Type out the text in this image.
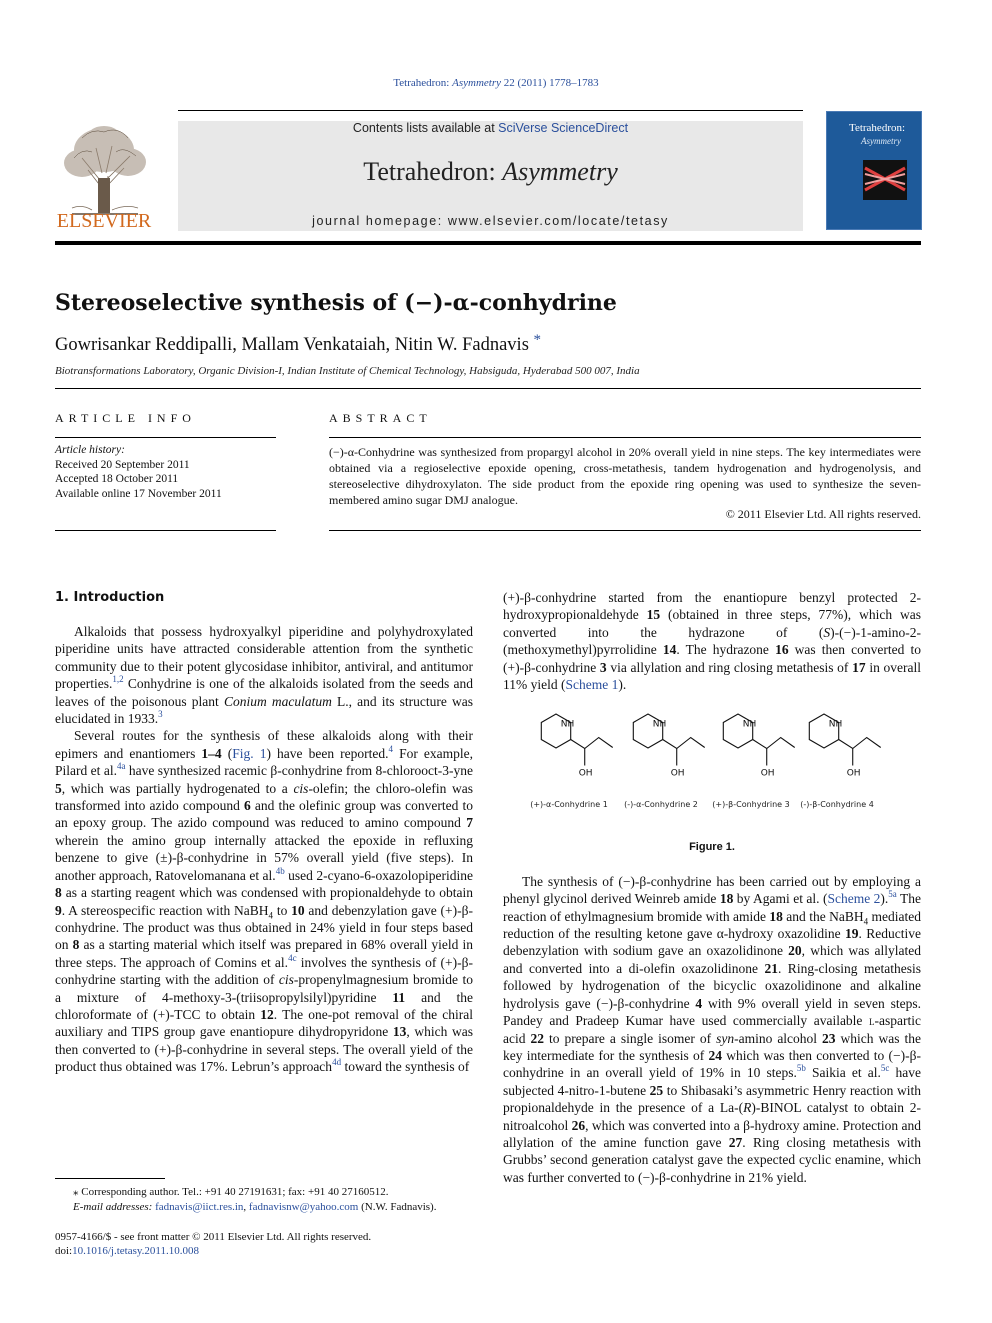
Tetrahedron: Asymmetry 22 (2011) 1778–1783
ELSEVIER
Contents lists available at SciVerse ScienceDirect
Tetrahedron: Asymmetry
journal homepage: www.elsevier.com/locate/tetasy
Tetrahedron:
Asymmetry
Stereoselective synthesis of (−)-α-conhydrine
Gowrisankar Reddipalli, Mallam Venkataiah, Nitin W. Fadnavis *
Biotransformations Laboratory, Organic Division-I, Indian Institute of Chemical Technology, Habsiguda, Hyderabad 500 007, India
ARTICLE INFO	ABSTRACT
Article history:
Received 20 September 2011
Accepted 18 October 2011
Available online 17 November 2011
(−)-α-Conhydrine was synthesized from propargyl alcohol in 20% overall yield in nine steps. The key intermediates were obtained via a regioselective epoxide opening, cross-metathesis, tandem hydrogenation and hydrogenolysis, and stereoselective dihydroxylaton. The side product from the epoxide ring opening was used to synthesize the seven-membered amino sugar DMJ analogue.
© 2011 Elsevier Ltd. All rights reserved.
1. Introduction

Alkaloids that possess hydroxyalkyl piperidine and polyhydroxylated piperidine units have attracted considerable attention from the synthetic community due to their potent glycosidase inhibitor, antiviral, and antitumor properties.$^{1,2}$ Conhydrine is one of the alkaloids isolated from the seeds and leaves of the poisonous plant Conium maculatum L., and its structure was elucidated in 1933.$^3$

Several routes for the synthesis of these alkaloids along with their epimers and enantiomers 1–4 (Fig. 1) have been reported.$^4$ For example, Pilard et al.$^{4a}$ have synthesized racemic β-conhydrine from 8-chlorooct-3-yne 5, which was partially hydrogenated to a cis-olefin; the chloro-olefin was transformed into azido compound 6 and the olefinic group was converted to an epoxy group. The azido compound was reduced to amino compound 7 wherein the amino group internally attacked the epoxide in refluxing benzene to give (±)-β-conhydrine in 57% overall yield (five steps). In another approach, Ratovelomanana et al.$^{4b}$ used 2-cyano-6-oxazolopiperidine 8 as a starting reagent which was condensed with propionaldehyde to obtain 9. A stereospecific reaction with NaBH$_4$ to 10 and debenzylation gave (+)-β-conhydrine. The product was thus obtained in 24% yield in four steps based on 8 as a starting material which itself was prepared in 68% overall yield in three steps. The approach of Comins et al.$^{4c}$ involves the synthesis of (+)-β-conhydrine starting with the addition of cis-propenylmagnesium bromide to a mixture of 4-methoxy-3-(triisopropylsilyl)pyridine 11 and the chloroformate of (+)-TCC to obtain 12. The one-pot removal of the chiral auxiliary and TIPS group gave enantiopure dihydropyridone 13, which was then converted to (+)-β-conhydrine in several steps. The overall yield of the product thus obtained was 17%. Lebrun’s approach$^{4d}$ toward the synthesis of

(+)-β-conhydrine started from the enantiopure benzyl protected 2-hydroxypropionaldehyde 15 (obtained in three steps, 77%), which was converted into the hydrazone of (S)-(−)-1-amino-2-(methoxymethyl)pyrrolidine 14. The hydrazone 16 was then converted to (+)-β-conhydrine 3 via allylation and ring closing metathesis of 17 in overall 11% yield (Scheme 1).

NH
OH
(+)-α-Conhydrine 1
NH
OH
(-)-α-Conhydrine 2
NH
OH
(+)-β-Conhydrine 3
NH
OH
(-)-β-Conhydrine 4
Figure 1.

The synthesis of (−)-β-conhydrine has been carried out by employing a phenyl glycinol derived Weinreb amide 18 by Agami et al. (Scheme 2).$^{5a}$ The reaction of ethylmagnesium bromide with amide 18 and the NaBH$_4$ mediated reduction of the resulting ketone gave α-hydroxy oxazolidine 19. Reductive debenzylation with sodium gave an oxazolidinone 20, which was allylated and converted into a di-olefin oxazolidinone 21. Ring-closing metathesis followed by hydrogenation of the bicyclic oxazolidinone and alkaline hydrolysis gave (−)-β-conhydrine 4 with 9% overall yield in seven steps. Pandey and Pradeep Kumar have used commercially available l-aspartic acid 22 to prepare a single isomer of syn-amino alcohol 23 which was the key intermediate for the synthesis of 24 which was then converted to (−)-β-conhydrine in an overall yield of 19% in 10 steps.$^{5b}$ Saikia et al.$^{5c}$ have subjected 4-nitro-1-butene 25 to Shibasaki’s asymmetric Henry reaction with propionaldehyde in the presence of a La-(R)-BINOL catalyst to obtain 2-nitroalcohol 26, which was converted into a β-hydroxy amine. Protection and allylation of the amine function gave 27. Ring closing metathesis with Grubbs’ second generation catalyst gave the expected cyclic enamine, which was further converted to (−)-β-conhydrine in 21% yield.

⁎ Corresponding author. Tel.: +91 40 27191631; fax: +91 40 27160512.
E-mail addresses: fadnavis@iict.res.in, fadnavisnw@yahoo.com (N.W. Fadnavis).
0957-4166/$ - see front matter © 2011 Elsevier Ltd. All rights reserved.
doi:10.1016/j.tetasy.2011.10.008
